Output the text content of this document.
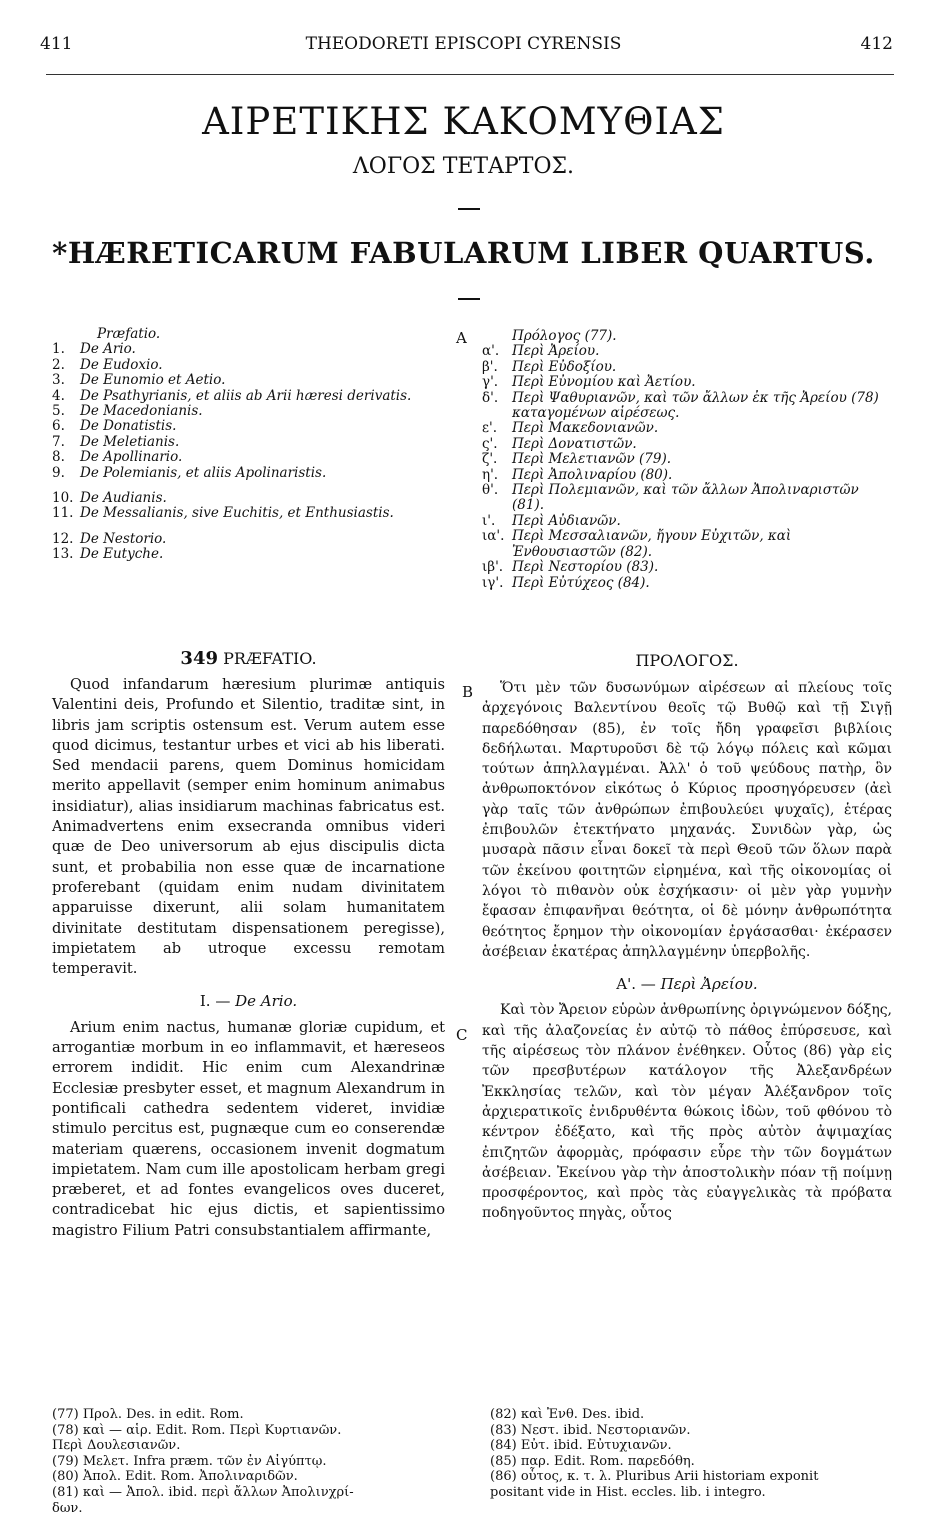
411	THEODORETI EPISCOPI CYRENSIS	412
ΑΙΡΕΤΙΚΗΣ ΚΑΚΟΜΥΘΙΑΣ
ΛΟΓΟΣ ΤΕΤΑΡΤΟΣ.
*HÆRETICARUM FABULARUM LIBER QUARTUS.
Præfatio.
1. De Ario.
2. De Eudoxio.
3. De Eunomio et Aetio.
4. De Psathyrianis, et aliis ab Arii hæresi derivatis.
5. De Macedonianis.
6. De Donatistis.
7. De Meletianis.
8. De Apollinario.
9. De Polemianis, et aliis Apolinaristis.
10. De Audianis.
11. De Messalianis, sive Euchitis, et Enthusiastis.
12. De Nestorio.
13. De Eutyche.
A
B
C
Πρόλογος (77).
α'. Περὶ Ἀρείου.
β'. Περὶ Εὐδοξίου.
γ'. Περὶ Εὐνομίου καὶ Ἀετίου.
δ'. Περὶ Ψαθυριανῶν, καὶ τῶν ἄλλων ἐκ τῆς Ἀρείου (78) καταγομένων αἱρέσεως.
ε'. Περὶ Μακεδονιανῶν.
ς'. Περὶ Δονατιστῶν.
ζ'. Περὶ Μελετιανῶν (79).
η'. Περὶ Ἀπολιναρίου (80).
θ'. Περὶ Πολεμιανῶν, καὶ τῶν ἄλλων Ἀπολιναριστῶν (81).
ι'. Περὶ Αὐδιανῶν.
ια'. Περὶ Μεσσαλιανῶν, ἤγουν Εὐχιτῶν, καὶ Ἐνθουσιαστῶν (82).
ιβ'. Περὶ Νεστορίου (83).
ιγ'. Περὶ Εὐτύχεος (84).
349 PRÆFATIO.	ΠΡΟΛΟΓΟΣ.

Quod infandarum hæresium pluri͏mæ antiquis Valentini deis, Profundo et Silentio, traditæ sint, in libris jam scriptis ostensum est. Verum autem esse quod dicimus, testantur urbes et vici ab his liberati. Sed mendacii parens, quem Dominus homicidam merito appellavit (semper enim hominum animabus insidiatur), alias insidiarum machinas fabricatus est. Animadvertens enim exsecranda omnibus videri quæ de Deo universorum ab ejus discipulis dicta sunt, et probabilia non esse quæ de incarnatione proferebant (quidam enim nudam divinitatem apparuisse dixerunt, alii solam humanitatem divinitate destitutam dispensationem peregisse), impietatem ab utroque excessu remotam temperavit.

I. — De Ario.

Arium enim nactus, humanæ gloriæ cupidum, et arrogantiæ morbum in eo inflammavit, et hæreseos errorem indidit. Hic enim cum Alexandrinæ Ecclesiæ presbyter esset, et magnum Alexandrum in pontificali cathedra sedentem videret, invidiæ stimulo percitus est, pugnæque cum eo conserendæ materiam quærens, occasionem invenit dogmatum impietatem. Nam cum ille apostolicam herbam gregi præberet, et ad fontes evangelicos oves duceret, contradicebat hic ejus dictis, et sapientissimo magistro Filium Patri consubstantialem affirmante,

Ὅτι μὲν τῶν δυσωνύμων αἱρέσεων αἱ πλείους τοῖς ἀρχεγόνοις Βαλεντίνου θεοῖς τῷ Βυθῷ καὶ τῇ Σιγῇ παρεδόθησαν (85), ἐν τοῖς ἤδη γραφεῖσι βιβλίοις δεδήλωται. Μαρτυροῦσι δὲ τῷ λόγῳ πόλεις καὶ κῶμαι τούτων ἀπηλλαγμέναι. Ἀλλ' ὁ τοῦ ψεύδους πατὴρ, ὃν ἀνθρωποκτόνον εἰκότως ὁ Κύριος προσηγόρευσεν (ἀεὶ γὰρ ταῖς τῶν ἀνθρώπων ἐπιβουλεύει ψυχαῖς), ἑτέρας ἐπιβουλῶν ἐτεκτήνατο μηχανάς. Συνιδὼν γὰρ, ὡς μυσαρὰ πᾶσιν εἶναι δοκεῖ τὰ περὶ Θεοῦ τῶν ὅλων παρὰ τῶν ἐκείνου φοιτητῶν εἰρημένα, καὶ τῆς οἰκονομίας οἱ λόγοι τὸ πιθανὸν οὐκ ἐσχήκασιν· οἱ μὲν γὰρ γυμνὴν ἔφασαν ἐπιφανῆναι θεότητα, οἱ δὲ μόνην ἀνθρωπότητα θεότητος ἔρημον τὴν οἰκονομίαν ἐργάσασθαι· ἐκέρασεν ἀσέβειαν ἑκατέρας ἀπηλλαγμένην ὑπερβολῆς.

Α'. — Περὶ Ἀρείου.

Καὶ τὸν Ἄρειον εὑρὼν ἀνθρωπίνης ὀριγνώμενον δόξης, καὶ τῆς ἀλαζονείας ἐν αὐτῷ τὸ πάθος ἐπύρσευσε, καὶ τῆς αἱρέσεως τὸν πλάνον ἐνέθηκεν. Οὗτος (86) γὰρ εἰς τῶν πρεσβυτέρων κατάλογον τῆς Ἀλεξανδρέων Ἐκκλησίας τελῶν, καὶ τὸν μέγαν Ἀλέξανδρον τοῖς ἀρχιερατικοῖς ἐνιδρυθέντα θώκοις ἰδὼν, τοῦ φθόνου τὸ κέντρον ἐδέξατο, καὶ τῆς πρὸς αὐτὸν ἀψιμαχίας ἐπιζητῶν ἀφορμὰς, πρόφασιν εὗρε τὴν τῶν δογμάτων ἀσέβειαν. Ἐκείνου γὰρ τὴν ἀποστολικὴν πόαν τῇ ποίμνῃ προσφέροντος, καὶ πρὸς τὰς εὐαγγελικὰς τὰ πρόβατα ποδηγοῦντος πηγὰς, οὗτος

(77) Προλ. Des. in edit. Rom.
(78) καὶ — αἱρ. Edit. Rom. Περὶ Κυρτιανῶν.
Περὶ Δουλεσιανῶν.
(79) Μελετ. Infra præm. τῶν ἐν Αἰγύπτῳ.
(80) Ἀπολ. Edit. Rom. Ἀπολιναριδῶν.
(81) καὶ — Ἀπολ. ibid. περὶ ἄλλων Ἀπολινχρί-
δων.
(82) καὶ Ἐνθ. Des. ibid.
(83) Νεστ. ibid. Νεστοριανῶν.
(84) Εὐτ. ibid. Εὐτυχιανῶν.
(85) παρ. Edit. Rom. παρεδόθη.
(86) οὗτος, κ. τ. λ. Pluribus Arii historiam exponit
positant vide in Hist. eccles. lib. i integro.
